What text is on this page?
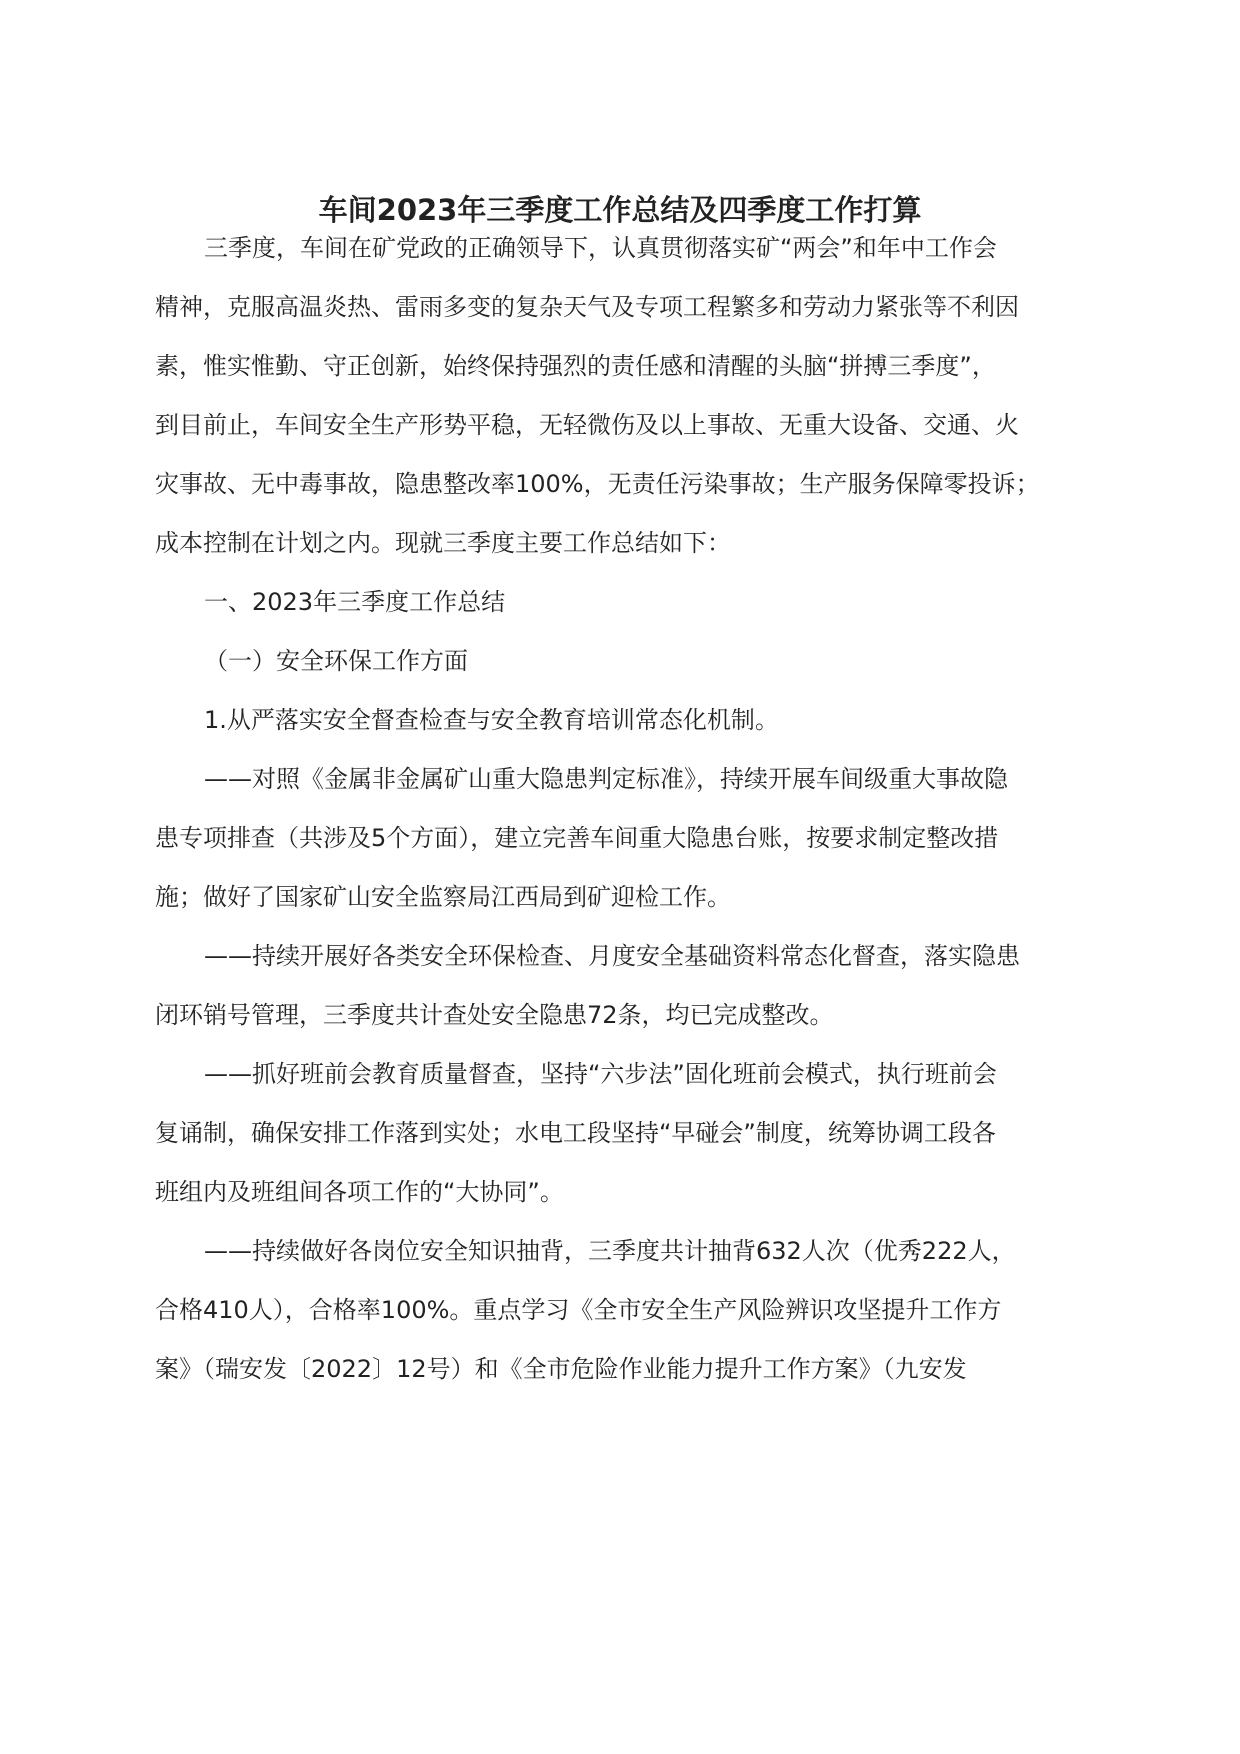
车间2023年三季度工作总结及四季度工作打算

三季度，车间在矿党政的正确领导下，认真贯彻落实矿“两会”和年中工作会

精神，克服高温炎热、雷雨多变的复杂天气及专项工程繁多和劳动力紧张等不利因

素，惟实惟勤、守正创新，始终保持强烈的责任感和清醒的头脑“拼搏三季度”，

到目前止，车间安全生产形势平稳，无轻微伤及以上事故、无重大设备、交通、火

灾事故、无中毒事故，隐患整改率100%，无责任污染事故；生产服务保障零投诉；

成本控制在计划之内。现就三季度主要工作总结如下：

一、2023年三季度工作总结

（一）安全环保工作方面

1.从严落实安全督查检查与安全教育培训常态化机制。

——对照《金属非金属矿山重大隐患判定标准》，持续开展车间级重大事故隐

患专项排查（共涉及5个方面），建立完善车间重大隐患台账，按要求制定整改措

施；做好了国家矿山安全监察局江西局到矿迎检工作。

——持续开展好各类安全环保检查、月度安全基础资料常态化督查，落实隐患

闭环销号管理，三季度共计查处安全隐患72条，均已完成整改。

——抓好班前会教育质量督查，坚持“六步法”固化班前会模式，执行班前会

复诵制，确保安排工作落到实处；水电工段坚持“早碰会”制度，统筹协调工段各

班组内及班组间各项工作的“大协同”。

——持续做好各岗位安全知识抽背，三季度共计抽背632人次（优秀222人，

合格410人），合格率100%。重点学习《全市安全生产风险辨识攻坚提升工作方

案》（瑞安发〔2022〕12号）和《全市危险作业能力提升工作方案》（九安发
